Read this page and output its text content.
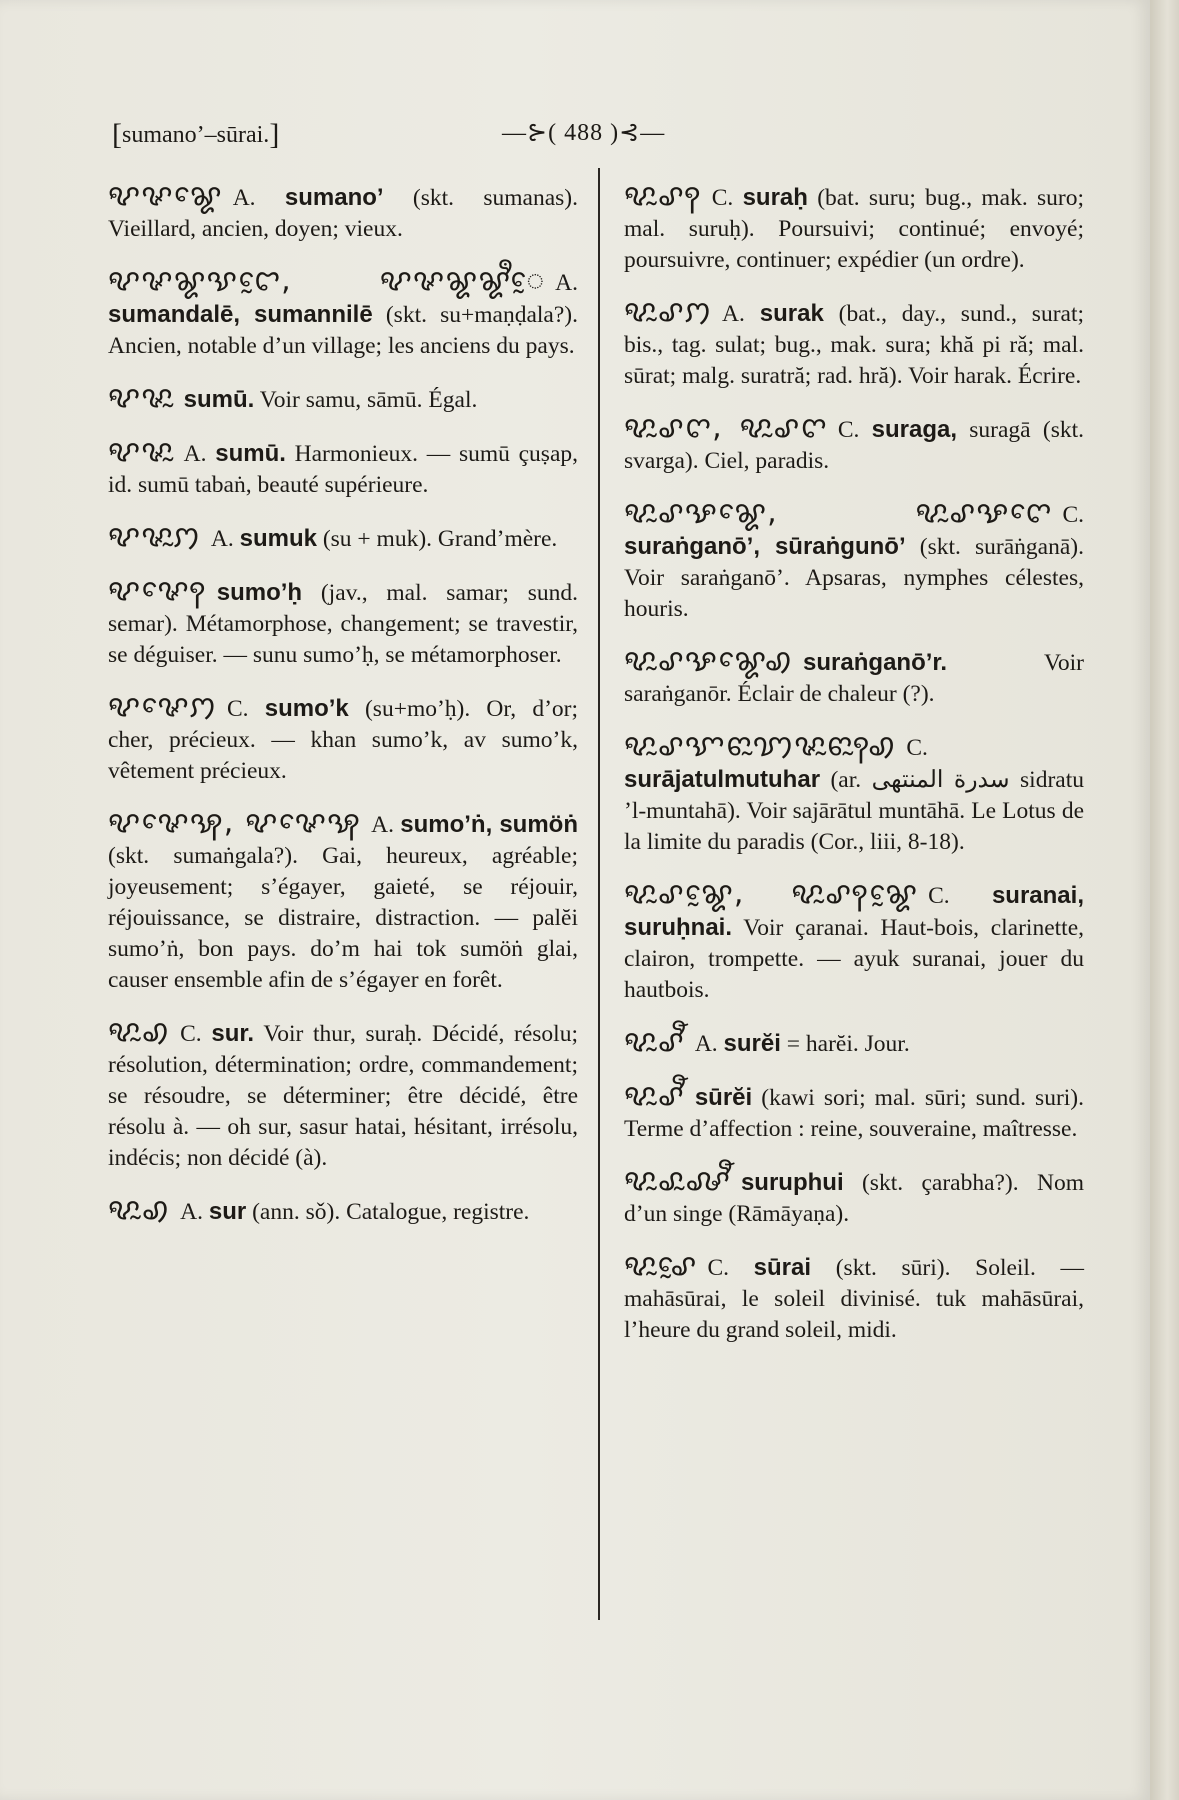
[sumano’–sūrai.]	—⊱( 488 )⊰—
ꨦꨟꨘꨯ A. sumano’ (skt. sumanas). Vieillard, ancien, doyen; vieux.
ꨦꨟꨘꨕꨤꨰ, ꨦꨟꨘꨘꨫꨰ A. sumandalē, sumannilē (skt. su+maṇḍala?). Ancien, notable d’un village; les anciens du pays.
ꨦꨟꨭ sumū. Voir samu, sāmū. Égal.
ꨦꨟꨭ A. sumū. Harmonieux. — sumū çuṣap, id. sumū tabaṅ, beauté supérieure.
ꨦꨟꨭꩀ A. sumuk (su + muk). Grand’mère.
ꨦꨟꨯꩍ sumo’ḥ (jav., mal. samar; sund. semar). Métamorphose, changement; se travestir, se déguiser. — sunu sumo’ḥ, se métamorphoser.
ꨦꨟꨯꩀ C. sumo’k (su+mo’ḥ). Or, d’or; cher, précieux. — khan sumo’k, av sumo’k, vêtement précieux.
ꨦꨟꨯꩂ, ꨦꨟꨯꩂ A. sumo’ṅ, sumöṅ (skt. sumaṅgala?). Gai, heureux, agréable; joyeusement; s’égayer, gaieté, se réjouir, réjouissance, se distraire, distraction. — palĕi sumo’ṅ, bon pays. do’m hai tok sumöṅ glai, causer ensemble afin de s’égayer en forêt.
ꨦꨭꩉ C. sur. Voir thur, suraḥ. Décidé, résolu; résolution, détermination; ordre, commandement; se résoudre, se déterminer; être décidé, être résolu à. — oh sur, sasur hatai, hésitant, irrésolu, indécis; non décidé (à).
ꨦꨭꩉ A. sur (ann. sǒ). Catalogue, registre.
ꨦꨭꨣꩍ C. suraḥ (bat. suru; bug., mak. suro; mal. suruḥ). Poursuivi; continué; envoyé; poursuivre, continuer; expédier (un ordre).
ꨦꨭꨣꩀ A. surak (bat., day., sund., surat; bis., tag. sulat; bug., mak. sura; khă pi rǎ; mal. sūrat; malg. suratră; rad. hră). Voir harak. Écrire.
ꨦꨭꨣꨈ, ꨦꨭꨣꨈ C. suraga, suragā (skt. svarga). Ciel, paradis.
ꨦꨭꨣꨊꨘꨯ, ꨦꨭꨣꨊꨈꨯ C. suraṅganō’, sūraṅgunō’ (skt. surāṅganā). Voir saraṅganō’. Apsaras, nymphes célestes, houris.
ꨦꨭꨣꨊꨘꨯꩉ suraṅganō’r.	Voir saraṅganōr. Éclair de chaleur (?).
ꨦꨭꨣꨎꨓꨭꩈꨟꨭꨓꨭꩍꩉ C. surājatulmutuhar (ar. سدرة المنتهى sidratu ’l-muntahā). Voir sajārātul muntāhā. Le Lotus de la limite du paradis (Cor., liii, 8-18).
ꨦꨭꨣꨘꨰ, ꨦꨭꨣꩍꨘꨰ C. suranai, suruḥnai. Voir çaranai. Haut-bois, clarinette, clairon, trompette. — ayuk suranai, jouer du hautbois.
ꨦꨭꨣꨬ A. surĕi = harĕi. Jour.
ꨦꨭꨣꨬ sūrĕi (kawi sori; mal. sūri; sund. suri). Terme d’affection : reine, souveraine, maîtresse.
ꨦꨭꨣꨭꨜꨬ suruphui (skt. çarabha?). Nom d’un singe (Rāmāyaṇa).
ꨦꨭꨣꨰ C. sūrai (skt. sūri). Soleil. — mahāsūrai, le soleil divinisé. tuk mahāsūrai, l’heure du grand soleil, midi.
